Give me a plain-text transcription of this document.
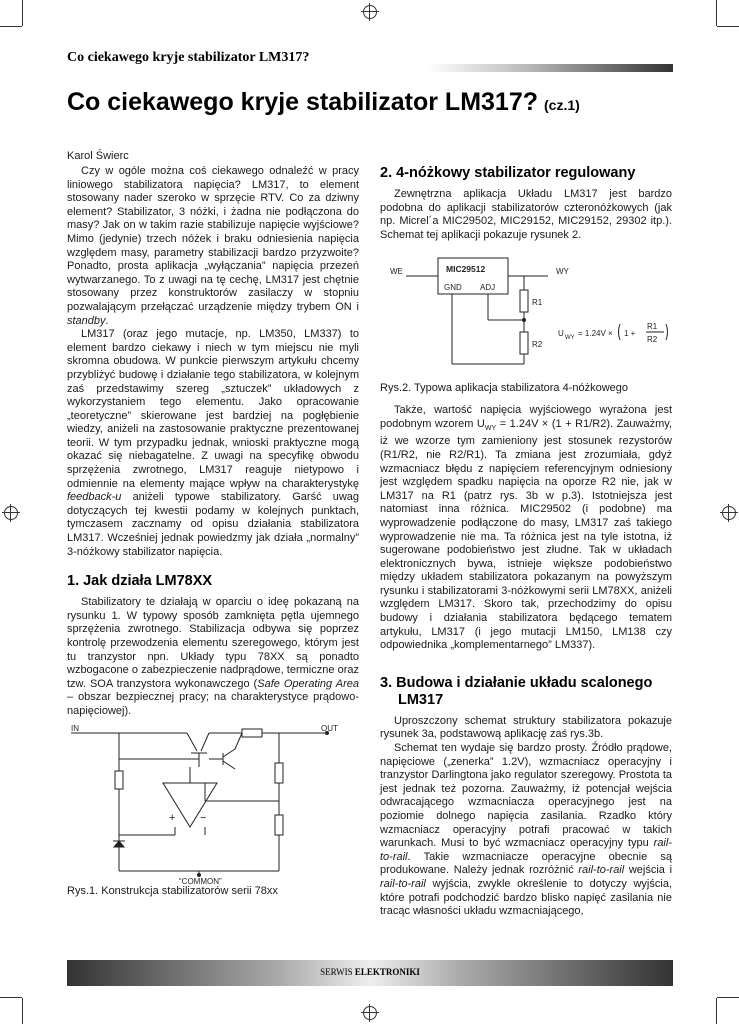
Co ciekawego kryje stabilizator LM317?
Co ciekawego kryje stabilizator LM317? (cz.1)
Karol Świerc

Czy w ogóle można coś ciekawego odnaleźć w pracy liniowego stabilizatora napięcia? LM317, to element stosowany nader szeroko w sprzęcie RTV. Co za dziwny element? Stabilizator, 3 nóżki, i żadna nie podłączona do masy? Jak on w takim razie stabilizuje napięcie wyjściowe? Mimo (jedynie) trzech nóżek i braku odniesienia napięcia względem masy, parametry stabilizacji bardzo przyzwoite? Ponadto, prosta aplikacja „wyłączania” napięcia przezeń wytwarzanego. To z uwagi na tę cechę, LM317 jest chętnie stosowany przez konstruktorów zasilaczy w stopniu pozwalającym przełączać urządzenie między trybem ON i standby.

LM317 (oraz jego mutacje, np. LM350, LM337) to element bardzo ciekawy i niech w tym miejscu nie myli skromna obudowa. W punkcie pierwszym artykułu chcemy przybliżyć budowę i działanie tego stabilizatora, w kolejnym zaś przedstawimy szereg „sztuczek” układowych z wykorzystaniem tego elementu. Jako opracowanie „teoretyczne” skierowane jest bardziej na pogłębienie wiedzy, aniżeli na zastosowanie praktyczne prezentowanej teorii. W tym przypadku jednak, wnioski praktyczne mogą okazać się niebagatelne. Z uwagi na specyfikę obwodu sprzężenia zwrotnego, LM317 reaguje nietypowo i odmiennie na elementy mające wpływ na charakterystykę feedback-u aniżeli typowe stabilizatory. Garść uwag dotyczących tej kwestii podamy w kolejnych punktach, tymczasem zacznamy od opisu działania stabilizatora LM317. Wcześniej jednak powiedzmy jak działa „normalny” 3-nóżkowy stabilizator napięcia.

1. Jak działa LM78XX

Stabilizatory te działają w oparciu o ideę pokazaną na rysunku 1. W typowy sposób zamknięta pętla ujemnego sprzężenia zwrotnego. Stabilizacja odbywa się poprzez kontrolę przewodzenia elementu szeregowego, którym jest tu tranzystor npn. Układy typu 78XX są ponadto wzbogacone o zabezpieczenie nadprądowe, termiczne oraz tzw. SOA tranzystora wykonawczego (Safe Operating Area – obszar bezpiecznej pracy; na charakterystyce prądowo-napięciowej).

IN	OUT
+ −
“COMMON”

Rys.1. Konstrukcja stabilizatorów serii 78xx

2. 4-nóżkowy stabilizator regulowany

Zewnętrzna aplikacja Układu LM317 jest bardzo podobna do aplikacji stabilizatorów czteronóżkowych (jak np. Micrel´a MIC29502, MIC29152, MIC29152, 29302 itp.). Schemat tej aplikacji pokazuje rysunek 2.

MIC29512
GND ADJ
WE	WY
R1
R2
U WY = 1.24V × 1 +
R1
R2

Rys.2. Typowa aplikacja stabilizatora 4-nóżkowego

Także, wartość napięcia wyjściowego wyrażona jest podobnym wzorem $U_{WY} = 1.24V \times (1 + R1/R2)$. Zauważmy, iż we wzorze tym zamieniony jest stosunek rezystorów (R1/R2, nie R2/R1). Ta zmiana jest zrozumiała, gdyż wzmacniacz błędu z napięciem referencyjnym odniesiony jest względem spadku napięcia na oporze R2 nie, jak w LM317 na R1 (patrz rys. 3b w p.3). Istotniejsza jest natomiast inna różnica. MIC29502 (i podobne) ma wyprowadzenie podłączone do masy, LM317 zaś takiego wyprowadzenie nie ma. Ta różnica jest na tyle istotna, iż sugerowane podobieństwo jest złudne. Tak w układach elektronicznych bywa, istnieje większe podobieństwo między układem stabilizatora pokazanym na powyższym rysunku i stabilizatorami 3-nóżkowymi serii LM78XX, aniżeli względem LM317. Skoro tak, przechodzimy do opisu budowy i działania stabilizatora będącego tematem artykułu, LM317 (i jego mutacji LM150, LM138 czy odpowiednika „komplementarnego” LM337).

3. Budowa i działanie układu scalonego
LM317

Uproszczony schemat struktury stabilizatora pokazuje rysunek 3a, podstawową aplikację zaś rys.3b.

Schemat ten wydaje się bardzo prosty. Źródło prądowe, napięciowe („zenerka” 1.2V), wzmacniacz operacyjny i tranzystor Darlingtona jako regulator szeregowy. Prostota ta jest jednak też pozorna. Zauważmy, iż potencjał wejścia odwracającego wzmacniacza operacyjnego jest na poziomie dolnego napięcia zasilania. Rzadko który wzmacniacz operacyjny potrafi pracować w takich warunkach. Musi to być wzmacniacz operacyjny typu rail-to-rail. Takie wzmacniacze operacyjne obecnie są produkowane. Należy jednak rozróżnić rail-to-rail wejścia i rail-to-rail wyjścia, zwykle określenie to dotyczy wyjścia, które potrafi podchodzić bardzo blisko napięć zasilania nie tracąc własności układu wzmacniającego,

SERWIS ELEKTRONIKI
